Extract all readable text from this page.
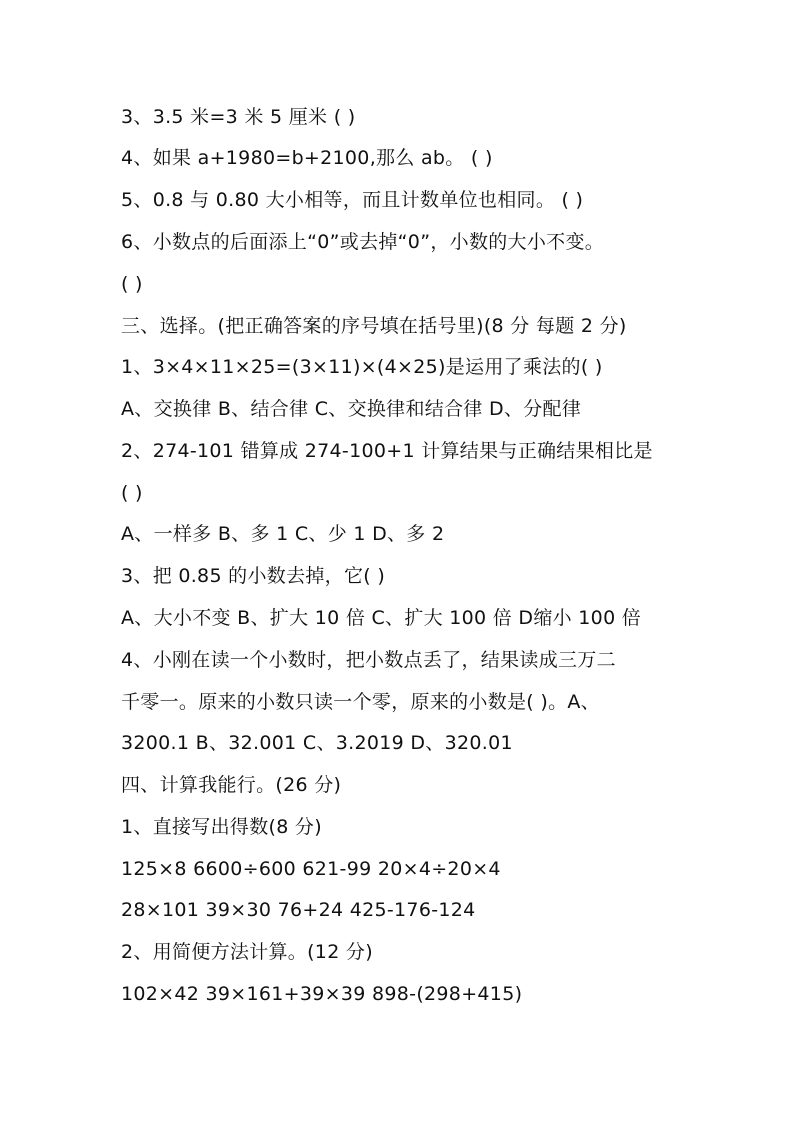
3、3.5 米=3 米 5 厘米 ( )
4、如果 a+1980=b+2100,那么 ab。 ( )
5、0.8 与 0.80 大小相等，而且计数单位也相同。 ( )
6、小数点的后面添上“0”或去掉“0”，小数的大小不变。
( )
三、选择。(把正确答案的序号填在括号里)(8 分 每题 2 分)
1、3×4×11×25=(3×11)×(4×25)是运用了乘法的( )
A、交换律 B、结合律 C、交换律和结合律 D、分配律
2、274-101 错算成 274-100+1 计算结果与正确结果相比是
( )
A、一样多 B、多 1 C、少 1 D、多 2
3、把 0.85 的小数去掉，它( )
A、大小不变 B、扩大 10 倍 C、扩大 100 倍 D缩小 100 倍
4、小刚在读一个小数时，把小数点丢了，结果读成三万二
千零一。原来的小数只读一个零，原来的小数是( )。A、
3200.1 B、32.001 C、3.2019 D、320.01
四、计算我能行。(26 分)
1、直接写出得数(8 分)
125×8 6600÷600 621-99 20×4÷20×4
28×101 39×30 76+24 425-176-124
2、用简便方法计算。(12 分)
102×42 39×161+39×39 898-(298+415)
